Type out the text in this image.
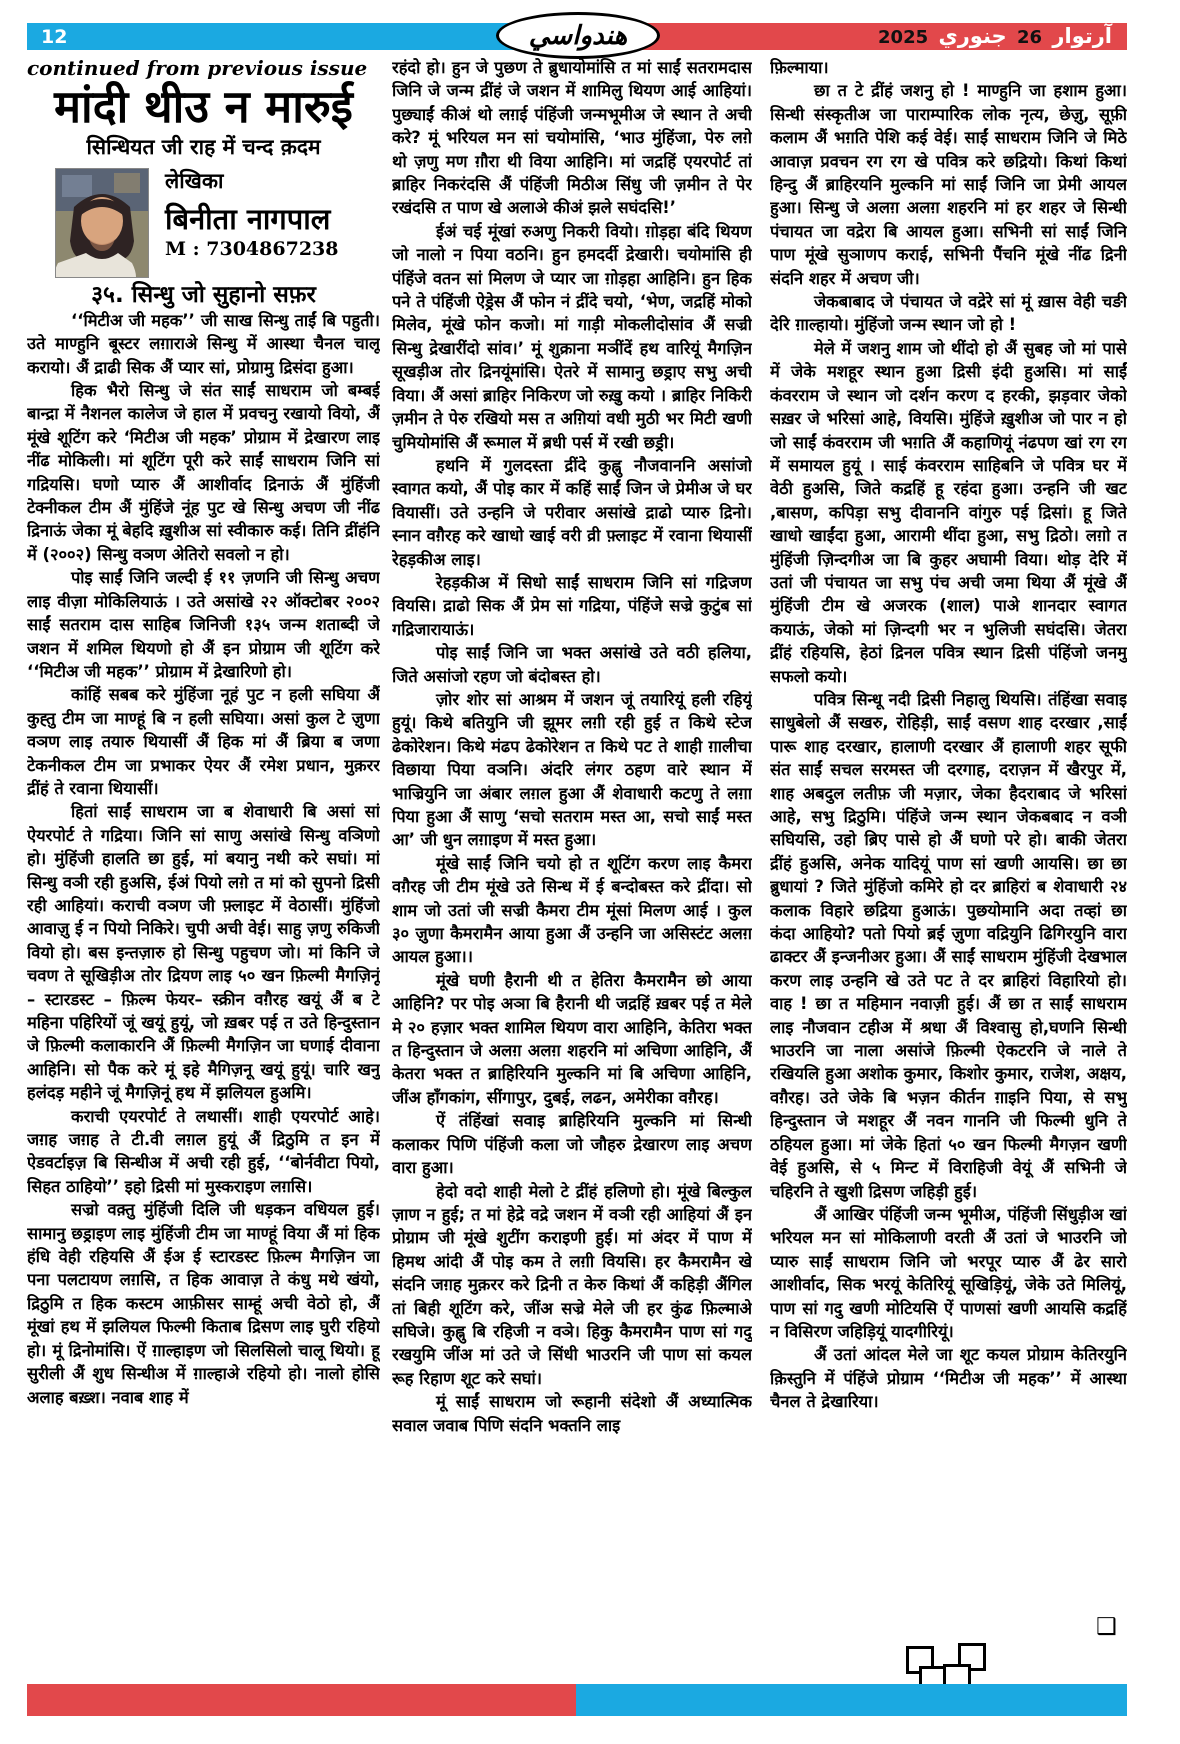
12	آرتوار 26 جنوري 2025
هندواسي
continued from previous issue
मांदी थीउ न मारुई
सिन्धियत जी राह में चन्द क़दम
लेखिका
बिनीता नागपाल
M : 7304867238
३५. सिन्धु जो सुहानो सफ़र

‘‘मिटीअ जी महक’’ जी साख सिन्धु ताईं बि पहुती। उते माण्हुनि बूस्टर लग़ाराअे सिन्धु में आस्था चैनल चालू करायो। अैं द्राढी सिक अैं प्यार सां, प्रोग्रामु द्रिसंदा हुआ।

हिक भैरो सिन्धु जे संत साईं साधराम जो बम्बई बान्द्रा में नैशनल कालेज जे हाल में प्रवचनु रखायो वियो, अैं मूंखे शूटिंग करे ‘मिटीअ जी महक’ प्रोग्राम में द्रेखारण लाइ नींढ मोकिली। मां शूटिंग पूरी करे साईं साधराम जिनि सां गद्रियसि। घणो प्यारु अैं आशीर्वाद द्रिनाऊं अैं मुंहिंजी टेक्नीकल टीम अैं मुंहिंजे नूंह पुट खे सिन्धु अचण जी नींढ द्रिनाऊं जेका मूं बेहदि ख़ुशीअ सां स्वीकारु कई। तिनि द्रींहंनि में (२००२) सिन्धु वञण अेतिरो सवलो न हो।

पोइ साईं जिनि जल्दी ई ११ ज़णनि जी सिन्धु अचण लाइ वीज़ा मोकिलियाऊं । उते असांखे २२ ऑक्टोबर २००२ साईं सतराम दास साहिब जिनिजी १३५ जन्म शताब्दी जे जशन में शमिल थियणो हो अैं इन प्रोग्राम जी शूटिंग करे ‘‘मिटीअ जी महक’’ प्रोग्राम में द्रेखारिणो हो।

कांहिं सबब करे मुंहिंजा नूहं पुट न हली सघिया अैं कुह्तु टीम जा माण्हूं बि न हली सघिया। असां कुल टे ज़ुणा वञण लाइ तयारु थियासीं अैं हिक मां अैं ब्रिया ब जणा टेकनीकल टीम जा प्रभाकर ऐयर अैं रमेश प्रधान, मुक़रर द्रींहं ते रवाना थियासीं।

हितां साईं साधराम जा ब शेवाधारी बि असां सां ऐयरपोर्ट ते गद्रिया। जिनि सां साणु असांखे सिन्धु वञिणो हो। मुंहिंजी हालति छा हुई, मां बयानु नथी करे सघां। मां सिन्धु वञी रही हुअसि, ईअं पियो लग़े त मां को सुपनो द्रिसी रही आहियां। कराची वञण जी फ़्लाइट में वेठासीं। मुंहिंजो आवाज़ु ई न पियो निकिरे। चुपी अची वेई। साहु ज़णु रुकिजी वियो हो। बस इन्तज़ारु हो सिन्धु पहुचण जो। मां किनि जे चवण ते सूखिड़ीअ तोर द्रियण लाइ ५० खन फ़िल्मी मैगज़िनूं – स्टारडस्ट – फ़िल्म फेयर– स्क्रीन वग़ैरह खयूं अैं ब टे महिना पहिरियों जूं खयूं हुयूं, जो ख़बर पई त उते हिन्दुस्तान जे फ़िल्मी कलाकारनि अैं फ़िल्मी मैगज़िन जा घणाई दीवाना आहिनि। सो पैक करे मूं इहे मैगिज़नू खयूं हुयूं। चारि खनु हलंदड़ महीने जूं मैगज़िनूं हथ में झलियल हुअमि।

कराची एयरपोर्ट ते लथासीं। शाही एयरपोर्ट आहे। जग़ह जग़ह ते टी.वी लग़ल हुयूं अैं द्रिठुमि त इन में ऐडवर्टाइज़ बि सिन्धीअ में अची रही हुई, ‘‘बोर्नवीटा पियो, सिहत ठाहियो’’ इहो द्रिसी मां मुस्कराइण लग़सि।

सज्रो वक़्तु मुंहिंजी दिलि जी धड़कन वधियल हुई। सामानु छड्राइण लाइ मुंहिंजी टीम जा माण्हूं विया अैं मां हिक हंधि वेही रहियसि अैं ईअ ई स्टारडस्ट फ़िल्म मैगज़िन जा पना पलटायण लग़सि, त हिक आवाज़ ते कंधु मथे खंयो, द्रिठुमि त हिक कस्टम आफ़ीसर साम्हूं अची वेठो हो, अैं मूंखां हथ में झलियल फिल्मी किताब द्रिसण लाइ घुरी रहियो हो। मूं द्रिनोमांसि। ऐं ग़ाल्हाइण जो सिलसिलो चालू थियो। हू सुरीली अैं शुध सिन्धीअ में ग़ाल्हाअे रहियो हो। नालो होसि अलाह बख़्श। नवाब शाह में

रहंदो हो। हुन जे पुछण ते ब्रुधायोमांसि त मां साईं सतरामदास जिनि जे जन्म द्रींहं जे जशन में शामिलु थियण आई आहियां। पुछ्याईं कीअं थो लग़ई पंहिंजी जन्मभूमीअ जे स्थान ते अची करे? मूं भरियल मन सां चयोमांसि, ‘भाउ मुंहिंजा, पेरु लग़े थो ज़णु मण ग़ौरा थी विया आहिनि। मां जद्रहिं एयरपोर्ट तां ब्राहिर निकरंदसि अैं पंहिंजी मिठीअ सिंधु जी ज़मीन ते पेर रखंदसि त पाण खे अलाअे कीअं झले सघंदसि!’

ईअं चई मूंखां रुअणु निकरी वियो। ग़ोड़हा बंदि थियण जो नालो न पिया वठनि। हुन हमदर्दी द्रेखारी। चयोमांसि ही पंहिंजे वतन सां मिलण जे प्यार जा ग़ोड़हा आहिनि। हुन हिक पने ते पंहिंजी ऐड्रेस अैं फोन नं द्रींदे चयो, ‘भेण, जद्रहिं मोको मिलेव, मूंखे फोन कजो। मां गाड़ी मोकलीदोसांव अैं सज्री सिन्धु द्रेखारींदो सांव।’ मूं शुक्राना मञींदें हथ वारियूं मैगज़िन सूखड़ीअ तोर द्रिनयूंमांसि। ऐतरे में सामानु छड्राए सभु अची विया। अैं असां ब्राहिर निकिरण जो रुख़ु कयो । ब्राहिर निकिरी ज़मीन ते पेरु रखियो मस त अग़ियां वधी मुठी भर मिटी खणी चुमियोमांसि अैं रूमाल में ब्रधी पर्स में रखी छड्री।

हथनि में गुलदस्ता द्रींदे कुह्नु नौजवाननि असांजो स्वागत कयो, अैं पोइ कार में कहिं साईं जिन जे प्रेमीअ जे घर वियासीं। उते उन्हनि जे परीवार असांखे द्राढो प्यारु द्रिनो। स्नान वग़ैरह करे खाधो खाई वरी व्री फ़्लाइट में रवाना थियासीं रेहड़कीअ लाइ।

रेहड़कीअ में सिधो साईं साधराम जिनि सां गद्रिजण वियसि। द्राढो सिक अैं प्रेम सां गद्रिया, पंहिंजे सज्रे कुटुंब सां गद्रिजारायाऊं।

पोइ साईं जिनि जा भक्त असांखे उते वठी हलिया, जिते असांजो रहण जो बंदोबस्त हो।

ज़ोर शोर सां आश्रम में जशन जूं तयारियूं हली रहियूं हुयूं। किथे बतियुनि जी झूमर लग़ी रही हुई त किथे स्टेज ढेकोरेशन। किथे मंढप ढेकोरेशन त किथे पट ते शाही ग़ालीचा विछाया पिया वञनि। अंदरि लंगर ठहण वारे स्थान में भाज्रियुनि जा अंबार लग़ल हुआ अैं शेवाधारी कटणु ते लग़ा पिया हुआ अैं साणु ‘सचो सतराम मस्त आ, सचो साईं मस्त आ’ जी धुन लग़ाइण में मस्त हुआ।

मूंखे साईं जिनि चयो हो त शूटिंग करण लाइ कैमरा वग़ैरह जी टीम मूंखे उते सिन्ध में ई बन्दोबस्त करे द्रींदा। सो शाम जो उतां जी सज्री कैमरा टीम मूंसां मिलण आई । कुल ३० ज़ुणा कैमरामैन आया हुआ अैं उन्हनि जा असिस्टंट अलग़ आयल हुआ।।

मूंखे घणी हैरानी थी त हेतिरा कैमरामैन छो आया आहिनि? पर पोइ अञा बि हैरानी थी जद्रहिं ख़बर पई त मेले मे २० हज़ार भक्त शामिल थियण वारा आहिनि, केतिरा भक्त त हिन्दुस्तान जे अलग़ अलग़ शहरनि मां अचिणा आहिनि, अैं केतरा भक्त त ब्राहिरियनि मुल्कनि मां बि अचिणा आहिनि, जींअ हॉंगकांग, सींगापुर, दुबई, लढन, अमेरीका वग़ैरह।

ऐं तंहिंखां सवाइ ब्राहिरियनि मुल्कनि मां सिन्धी कलाकर पिणि पंहिंजी कला जो जौहरु द्रेखारण लाइ अचण वारा हुआ।

हेदो वदो शाही मेलो टे द्रींहं हलिणो हो। मूंखे बिल्कुल ज़ाण न हुई; त मां हेद्रे वद्रे जशन में वञी रही आहियां अैं इन प्रोग्राम जी मूंखे शुटींग कराइणी हुई। मां अंदर में पाण में हिमथ आंदी अैं पोइ कम ते लग़ी वियसि। हर कैमरामैन खे संदनि जग़ह मुक़रर करे द्रिनी त केरु किथां अैं कहिड़ी अैंगिल तां बिही शूटिंग करे, जींअ सज्रे मेले जी हर कुंढ फ़िल्माअे सघिजे। कुह्नु बि रहिजी न वञे। हिकु कैमरामैन पाण सां गदु रखयुमि जींअ मां उते जे सिंधी भाउरनि जी पाण सां कयल रूह रिहाण शूट करे सघां।

मूं साईं साधराम जो रूहानी संदेशो अैं अध्यात्मिक सवाल जवाब पिणि संदनि भक्तनि लाइ

फ़िल्माया।

छा त टे द्रींहं जशनु हो ! माण्हुनि जा हशाम हुआ। सिन्धी संस्कृतीअ जा पाराम्पारिक लोक नृत्य, छेज़ु, सूफ़ी कलाम अैं भग़ति पेशि कई वेई। साईं साधराम जिनि जे मिठे आवाज़ प्रवचन रग रग खे पवित्र करे छद्रियो। किथां किथां हिन्दु अैं ब्राहिरयनि मुल्कनि मां साईं जिनि जा प्रेमी आयल हुआ। सिन्धु जे अलग़ अलग़ शहरनि मां हर शहर जे सिन्धी पंचायत जा वद्रेरा बि आयल हुआ। सभिनी सां साईं जिनि पाण मूंखे सुञाणप कराई, सभिनी पैंचनि मूंखे नींढ द्रिनी संदनि शहर में अचण जी।

जेकबाबाद जे पंचायत जे वद्रेरे सां मूं ख़ास वेही चङी देरि ग़ाल्हायो। मुंहिंजो जन्म स्थान जो हो !

मेले में जशनु शाम जो थींदो हो अैं सुबह जो मां पासे में जेके मशहूर स्थान हुआ द्रिसी इंदी हुअसि। मां साईं कंवरराम जे स्थान जो दर्शन करण द हरकी, झड़वार जेको सख़र जे भरिसां आहे, वियसि। मुंहिंजे ख़ुशीअ जो पार न हो जो साईं कंवरराम जी भग़ति अैं कहाणियूं नंढपण खां रग रग में समायल हुयूं । साई कंवरराम साहिबनि जे पवित्र घर में वेठी हुअसि, जिते कद्रहिं हू रहंदा हुआ। उन्हनि जी खट ,बासण, कपिड़ा सभु दीवाननि वांगुरु पई द्रिसां। हू जिते खाधो खाईंदा हुआ, आरामी थींदा हुआ, सभु द्रिठो। लग़ो त मुंहिंजी ज़िन्दगीअ जा बि कुहर अघामी विया। थोड़ देरि में उतां जी पंचायत जा सभु पंच अची जमा थिया अैं मूंखे अैं मुंहिंजी टीम खे अजरक (शाल) पाअे शानदार स्वागत कयाऊं, जेको मां ज़िन्दगी भर न भुलिजी सघंदसि। जेतरा द्रींहं रहियसि, हेठां द्रिनल पवित्र स्थान द्रिसी पंहिंजो जनमु सफलो कयो।

पवित्र सिन्धू नदी द्रिसी निहालु थियसि। तंहिंखा सवाइ साधुबेलो अैं सखरु, रोहिड़ी, साईं वसण शाह दरखार ,साईं पारू शाह दरखार, हालाणी दरखार अैं हालाणी शहर सूफी संत साईं सचल सरमस्त जी दरगाह, दराज़न में खैरपुर में, शाह अबदुल लतीफ़ जी मज़ार, जेका हैदराबाद जे भरिसां आहे, सभु द्रिठुमि। पंहिंजे जन्म स्थान जेकबबाद न वञी सघियसि, उहो ब्रिए पासे हो अैं घणो परे हो। बाकी जेतरा द्रींहं हुअसि, अनेक यादियूं पाण सां खणी आयसि। छा छा ब्रुधायां ? जिते मुंहिंजो कमिरे हो दर ब्राहिरां ब शेवाधारी २४ कलाक विहारे छद्रिया हुआऊं। पुछयोमानि अदा तव्हां छा कंदा आहियो? पतो पियो ब्रई ज़ुणा वद्रियुनि ढिगिरयुनि वारा ढाक्टर अैं इन्जनीअर हुआ। अैं साईं साधराम मुंहिंजी देखभाल करण लाइ उन्हनि खे उते पट ते दर ब्राहिरां विहारियो हो। वाह ! छा त महिमान नवाज़ी हुई। अैं छा त साईं साधराम लाइ नौजवान टहीअ में श्रधा अैं विश्वासु हो,घणनि सिन्धी भाउरनि जा नाला असांजे फ़िल्मी ऐकटरनि जे नाले ते रखियलि हुआ अशोक कुमार, किशोर कुमार, राजेश, अक्षय, वग़ैरह। उते जेके बि भज़न कीर्तन ग़ाइनि पिया, से सभु हिन्दुस्तान जे मशहूर अैं नवन गाननि जी फिल्मी धुनि ते ठहियल हुआ। मां जेके हितां ५० खन फिल्मी मैगज़न खणी वेई हुअसि, से ५ मिन्ट में विराहिजी वेयूं अैं सभिनी जे चहिरनि ते खुशी द्रिसण जहिड़ी हुई।

अैं आखिर पंहिंजी जन्म भूमीअ, पंहिंजी सिंधुड़ीअ खां भरियल मन सां मोकिलाणी वरती अैं उतां जे भाउरनि जो प्यारु साईं साधराम जिनि जो भरपूर प्यारु अैं ढेर सारो आशीर्वाद, सिक भरयूं केतिरियूं सूखिड़ियूं, जेके उते मिलियूं, पाण सां गदु खणी मोटियसि ऐं पाणसां खणी आयसि कद्रहिं न विसिरण जहिड़ियूं यादगीरियूं।

अैं उतां आंदल मेले जा शूट कयल प्रोग्राम केतिरयुनि क़िस्तुनि में पंहिंजे प्रोग्राम ‘‘मिटीअ जी महक’’ में आस्था चैनल ते द्रेखारिया।

❑
